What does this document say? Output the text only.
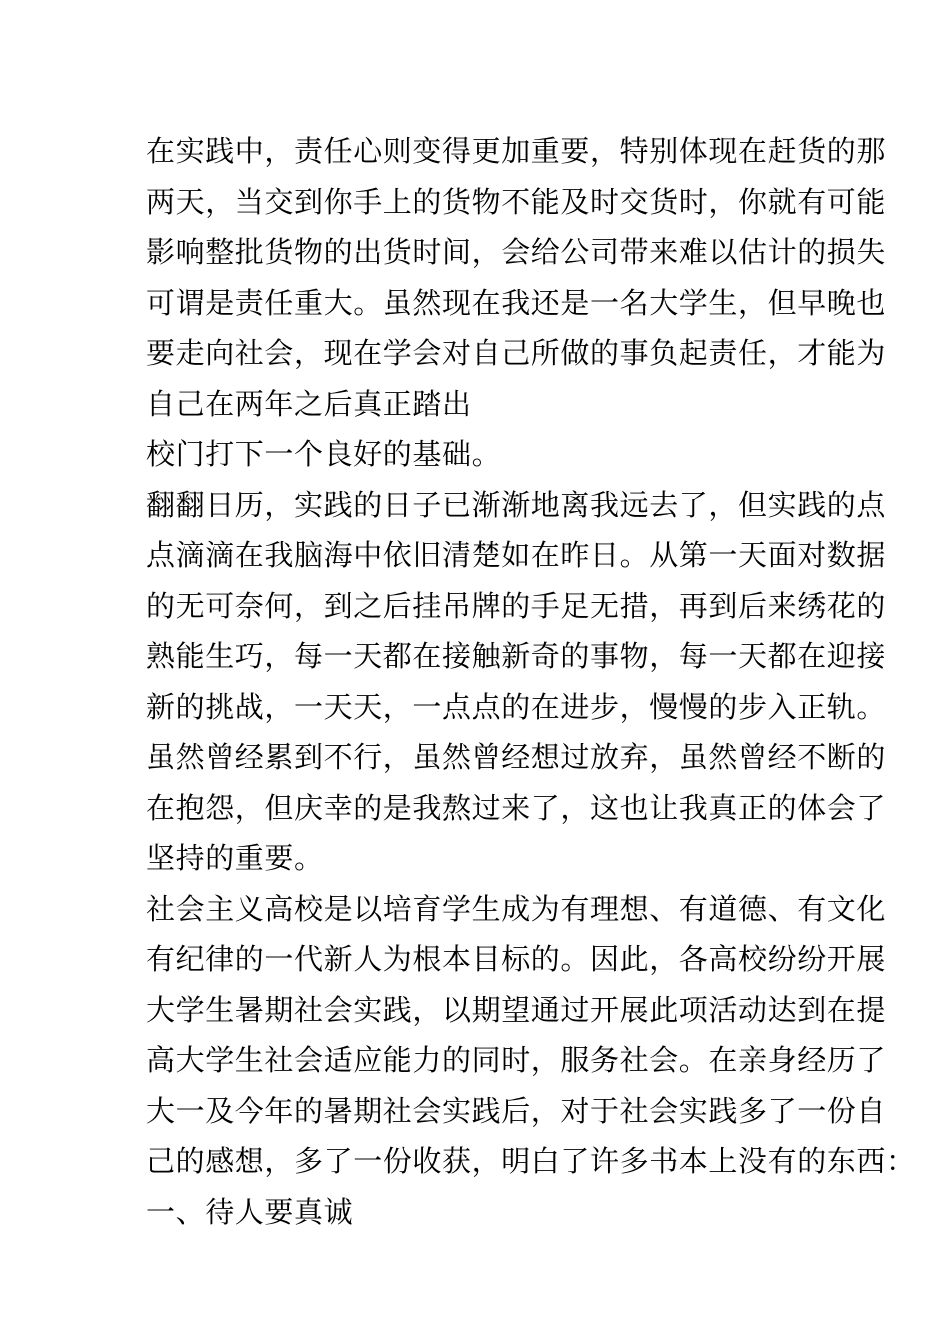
在实践中，责任心则变得更加重要，特别体现在赶货的那
两天，当交到你手上的货物不能及时交货时，你就有可能
影响整批货物的出货时间，会给公司带来难以估计的损失
可谓是责任重大。虽然现在我还是一名大学生，但早晚也
要走向社会，现在学会对自己所做的事负起责任，才能为
自己在两年之后真正踏出
校门打下一个良好的基础。
翻翻日历，实践的日子已渐渐地离我远去了，但实践的点
点滴滴在我脑海中依旧清楚如在昨日。从第一天面对数据
的无可奈何，到之后挂吊牌的手足无措，再到后来绣花的
熟能生巧，每一天都在接触新奇的事物，每一天都在迎接
新的挑战，一天天，一点点的在进步，慢慢的步入正轨。
虽然曾经累到不行，虽然曾经想过放弃，虽然曾经不断的
在抱怨，但庆幸的是我熬过来了，这也让我真正的体会了
坚持的重要。
社会主义高校是以培育学生成为有理想、有道德、有文化
有纪律的一代新人为根本目标的。因此，各高校纷纷开展
大学生暑期社会实践，以期望通过开展此项活动达到在提
高大学生社会适应能力的同时，服务社会。在亲身经历了
大一及今年的暑期社会实践后，对于社会实践多了一份自
己的感想，多了一份收获，明白了许多书本上没有的东西：
一、待人要真诚
